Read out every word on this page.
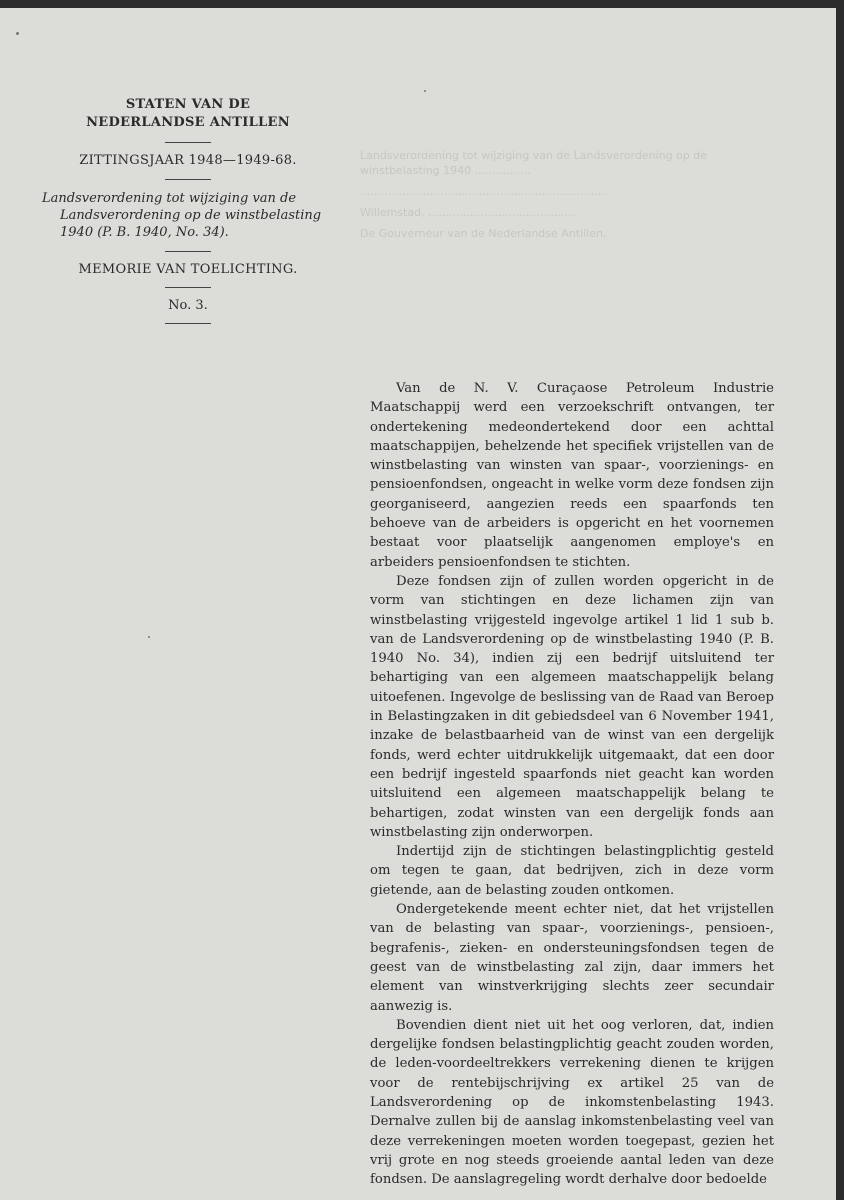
Landsverordening tot wijziging van de Landsverordening op de winstbelasting 1940 ................

.......................................................................

Willemstad, ..........................................

De Gouverneur van de Nederlandse Antillen,

STATEN VAN DE
NEDERLANDSE ANTILLEN
ZITTINGSJAAR 1948—1949-68.
Landsverordening tot wijziging van de
Landsverordening op de winstbelasting
1940 (P. B. 1940, No. 34).
MEMORIE VAN TOELICHTING.
No. 3.

Van de N. V. Curaçaose Petroleum Industrie Maatschappij werd een verzoekschrift ontvangen, ter ondertekening medeondertekend door een achttal maatschappijen, behelzende het specifiek vrijstellen van de winstbelasting van winsten van spaar-, voorzienings- en pensioenfondsen, ongeacht in welke vorm deze fondsen zijn georganiseerd, aangezien reeds een spaarfonds ten behoeve van de arbeiders is opgericht en het voornemen bestaat voor plaatselijk aangenomen employe's en arbeiders pensioenfondsen te stichten.

Deze fondsen zijn of zullen worden opgericht in de vorm van stichtingen en deze lichamen zijn van winstbelasting vrijgesteld ingevolge artikel 1 lid 1 sub b. van de Landsverordening op de winstbelasting 1940 (P. B. 1940 No. 34), indien zij een bedrijf uitsluitend ter behartiging van een algemeen maatschappelijk belang uitoefenen. Ingevolge de beslissing van de Raad van Beroep in Belastingzaken in dit gebiedsdeel van 6 November 1941, inzake de belastbaarheid van de winst van een dergelijk fonds, werd echter uitdrukkelijk uitgemaakt, dat een door een bedrijf ingesteld spaarfonds niet geacht kan worden uitsluitend een algemeen maatschappelijk belang te behartigen, zodat winsten van een dergelijk fonds aan winstbelasting zijn onderworpen.

Indertijd zijn de stichtingen belastingplichtig gesteld om tegen te gaan, dat bedrijven, zich in deze vorm gietende, aan de belasting zouden ontkomen.

Ondergetekende meent echter niet, dat het vrijstellen van de belasting van spaar-, voorzienings-, pensioen-, begrafenis-, zieken- en ondersteuningsfondsen tegen de geest van de winstbelasting zal zijn, daar immers het element van winstverkrijging slechts zeer secundair aanwezig is.

Bovendien dient niet uit het oog verloren, dat, indien dergelijke fondsen belastingplichtig geacht zouden worden, de leden-voordeeltrekkers verrekening dienen te krijgen voor de rentebijschrijving ex artikel 25 van de Landsverordening op de inkomstenbelasting 1943. Dernalve zullen bij de aanslag inkomstenbelasting veel van deze verrekeningen moeten worden toegepast, gezien het vrij grote en nog steeds groeiende aantal leden van deze fondsen. De aanslagregeling wordt derhalve door bedoelde
